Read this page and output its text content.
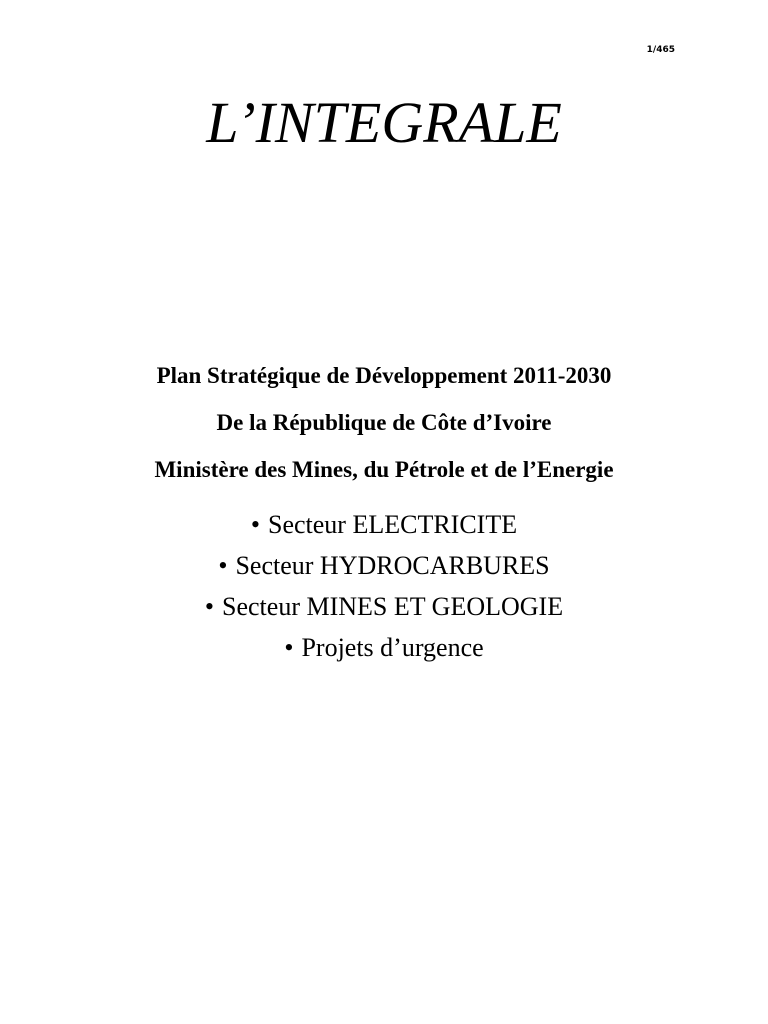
1/465
L’INTEGRALE

Plan Stratégique de Développement 2011-2030

De la République de Côte d’Ivoire

Ministère des Mines, du Pétrole et de l’Energie

• Secteur ELECTRICITE
• Secteur HYDROCARBURES
• Secteur MINES ET GEOLOGIE
• Projets d’urgence
